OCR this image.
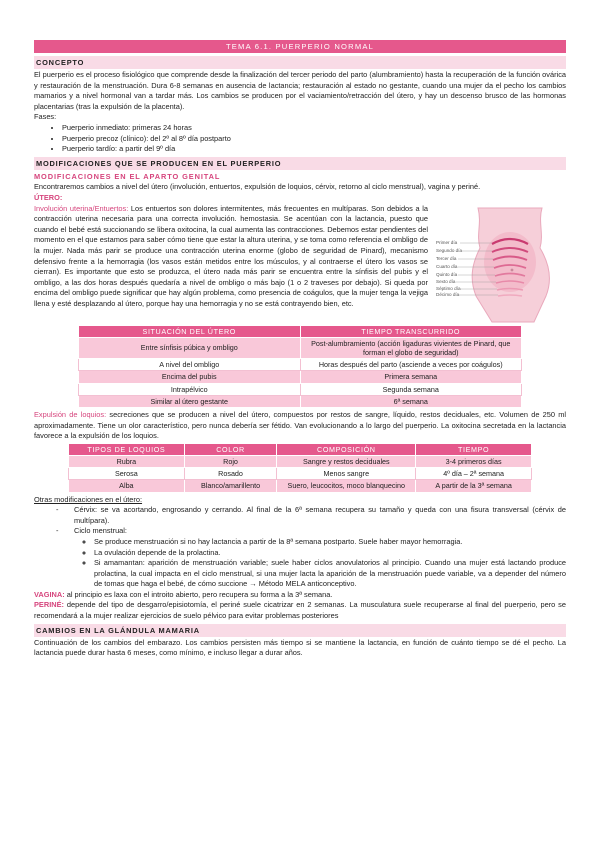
TEMA 6.1. PUERPERIO NORMAL
CONCEPTO

El puerperio es el proceso fisiológico que comprende desde la finalización del tercer periodo del parto (alumbramiento) hasta la recuperación de la función ovárica y restauración de la menstruación. Dura 6-8 semanas en ausencia de lactancia; restauración al estado no gestante, cuando una mujer da el pecho los cambios mamarios y a nivel hormonal van a tardar más. Los cambios se producen por el vaciamiento/retracción del útero, y hay un descenso brusco de las hormonas placentarias (tras la expulsión de la placenta).

Fases:
• Puerperio inmediato: primeras 24 horas
• Puerperio precoz (clínico): del 2º al 8º día postparto
• Puerperio tardío: a partir del 9º día
MODIFICACIONES QUE SE PRODUCEN EN EL PUERPERIO
MODIFICACIONES EN EL APARTO GENITAL

Encontraremos cambios a nivel del útero (involución, entuertos, expulsión de loquios, cérvix, retorno al ciclo menstrual), vagina y periné.

ÚTERO:

Involución uterina/Entuertos: Los entuertos son dolores intermitentes, más frecuentes en multíparas. Son debidos a la contracción uterina necesaria para una correcta involución. hemostasia. Se acentúan con la lactancia, puesto que cuando el bebé está succionando se libera oxitocina, la cual aumenta las contracciones. Debemos estar pendientes del momento en el que estamos para saber cómo tiene que estar la altura uterina, y se toma como referencia el ombligo de la mujer. Nada más parir se produce una contracción uterina enorme (globo de seguridad de Pinard), mecanismo defensivo frente a la hemorragia (los vasos están metidos entre los músculos, y al contraerse el útero los vasos se cierran). Es importante que esto se produzca, el útero nada más parir se encuentra entre la sínfisis del pubis y el ombligo, a las dos horas después quedaría a nivel de ombligo o más bajo (1 o 2 traveses por debajo). Si queda por encima del ombligo puede significar que hay algún problema, como presencia de coágulos, que la mujer tenga la vejiga llena y esté desplazando al útero, porque hay una hemorragia y no se está contrayendo bien, etc.

Primer día
Segundo día
Tercer día
Cuarto día
Quinto día
Sexto día
Séptimo día
Décimo día
SITUACIÓN DEL ÚTERO	TIEMPO TRANSCURRIDO
Entre sínfisis púbica y ombligo	Post-alumbramiento (acción ligaduras vivientes de Pinard, que forman el globo de seguridad)
A nivel del ombligo	Horas después del parto (asciende a veces por coágulos)
Encima del pubis	Primera semana
Intrapélvico	Segunda semana
Similar al útero gestante	6ª semana

Expulsión de loquios: secreciones que se producen a nivel del útero, compuestos por restos de sangre, líquido, restos deciduales, etc. Volumen de 250 ml aproximadamente. Tiene un olor característico, pero nunca debería ser fétido. Van evolucionando a lo largo del puerperio. La oxitocina secretada en la lactancia favorece a la expulsión de los loquios.

TIPOS DE LOQUIOS	COLOR	COMPOSICIÓN	TIEMPO
Rubra	Rojo	Sangre y restos deciduales	3-4 primeros días
Serosa	Rosado	Menos sangre	4º día – 2ª semana
Alba	Blanco/amarillento	Suero, leucocitos, moco blanquecino	A partir de la 3ª semana
Otras modificaciones en el útero:

- Cérvix: se va acortando, engrosando y cerrando. Al final de la 6ª semana recupera su tamaño y queda con una fisura transversal (cérvix de multípara).

- Ciclo menstrual:
◦ Se produce menstruación si no hay lactancia a partir de la 8ª semana postparto. Suele haber mayor hemorragia.
◦ La ovulación depende de la prolactina.

◦ Si amamantan: aparición de menstruación variable; suele haber ciclos anovulatorios al principio. Cuando una mujer está lactando produce prolactina, la cual impacta en el ciclo menstrual, si una mujer lacta la aparición de la menstruación puede variable, va a depender del número de tomas que haga el bebé, de cómo succione → Método MELA anticonceptivo.

VAGINA: al principio es laxa con el introito abierto, pero recupera su forma a la 3ª semana.

PERINÉ: depende del tipo de desgarro/episiotomía, el periné suele cicatrizar en 2 semanas. La musculatura suele recuperarse al final del puerperio, pero se recomendará a la mujer realizar ejercicios de suelo pélvico para evitar problemas posteriores

CAMBIOS EN LA GLÁNDULA MAMARIA

Continuación de los cambios del embarazo. Los cambios persisten más tiempo si se mantiene la lactancia, en función de cuánto tiempo se dé el pecho. La lactancia puede durar hasta 6 meses, como mínimo, e incluso llegar a durar años.
